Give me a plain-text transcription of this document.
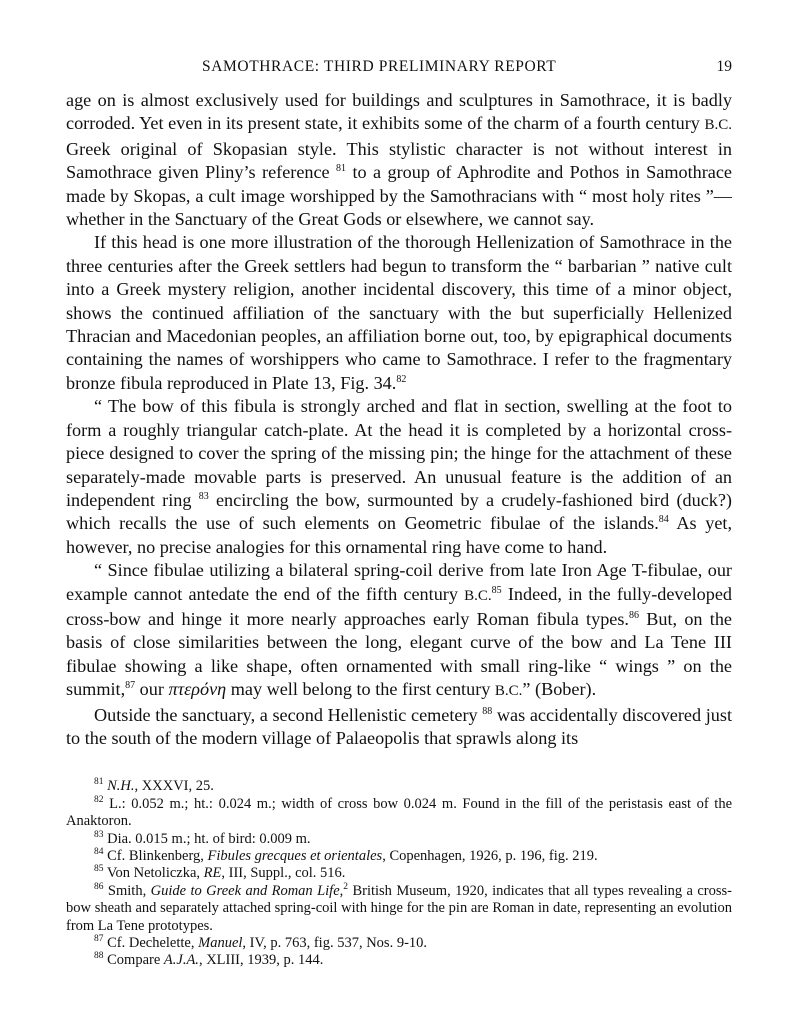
SAMOTHRACE: THIRD PRELIMINARY REPORT	19

age on is almost exclusively used for buildings and sculptures in Samothrace, it is badly corroded. Yet even in its present state, it exhibits some of the charm of a fourth century B.C. Greek original of Skopasian style. This stylistic character is not without interest in Samothrace given Pliny’s reference $^{81}$ to a group of Aphrodite and Pothos in Samothrace made by Skopas, a cult image worshipped by the Samothracians with “ most holy rites ”—whether in the Sanctuary of the Great Gods or elsewhere, we cannot say.

If this head is one more illustration of the thorough Hellenization of Samothrace in the three centuries after the Greek settlers had begun to transform the “ barbarian ” native cult into a Greek mystery religion, another incidental discovery, this time of a minor object, shows the continued affiliation of the sanctuary with the but superficially Hellenized Thracian and Macedonian peoples, an affiliation borne out, too, by epigraphical documents containing the names of worshippers who came to Samothrace. I refer to the fragmentary bronze fibula reproduced in Plate 13, Fig. 34.82

“ The bow of this fibula is strongly arched and flat in section, swelling at the foot to form a roughly triangular catch-plate. At the head it is completed by a horizontal cross-piece designed to cover the spring of the missing pin; the hinge for the attachment of these separately-made movable parts is preserved. An unusual feature is the addition of an independent ring $^{83}$ encircling the bow, surmounted by a crudely-fashioned bird (duck?) which recalls the use of such elements on Geometric fibulae of the islands.$^{84}$ As yet, however, no precise analogies for this ornamental ring have come to hand.

“ Since fibulae utilizing a bilateral spring-coil derive from late Iron Age T-fibulae, our example cannot antedate the end of the fifth century B.C.$^{85}$ Indeed, in the fully-developed cross-bow and hinge it more nearly approaches early Roman fibula types.$^{86}$ But, on the basis of close similarities between the long, elegant curve of the bow and La Tene III fibulae showing a like shape, often ornamented with small ring-like “ wings ” on the summit,$^{87}$ our πτερόνη may well belong to the first century B.C.” (Bober).

Outside the sanctuary, a second Hellenistic cemetery $^{88}$ was accidentally discovered just to the south of the modern village of Palaeopolis that sprawls along its

$^{81}$ N.H., XXXVI, 25.

$^{82}$ L.: 0.052 m.; ht.: 0.024 m.; width of cross bow 0.024 m. Found in the fill of the peristasis east of the Anaktoron.

$^{83}$ Dia. 0.015 m.; ht. of bird: 0.009 m.

$^{84}$ Cf. Blinkenberg, Fibules grecques et orientales, Copenhagen, 1926, p. 196, fig. 219.

$^{85}$ Von Netoliczka, RE, III, Suppl., col. 516.

$^{86}$ Smith, Guide to Greek and Roman Life,$^2$ British Museum, 1920, indicates that all types revealing a cross-bow sheath and separately attached spring-coil with hinge for the pin are Roman in date, representing an evolution from La Tene prototypes.

$^{87}$ Cf. Dechelette, Manuel, IV, p. 763, fig. 537, Nos. 9-10.

$^{88}$ Compare A.J.A., XLIII, 1939, p. 144.
